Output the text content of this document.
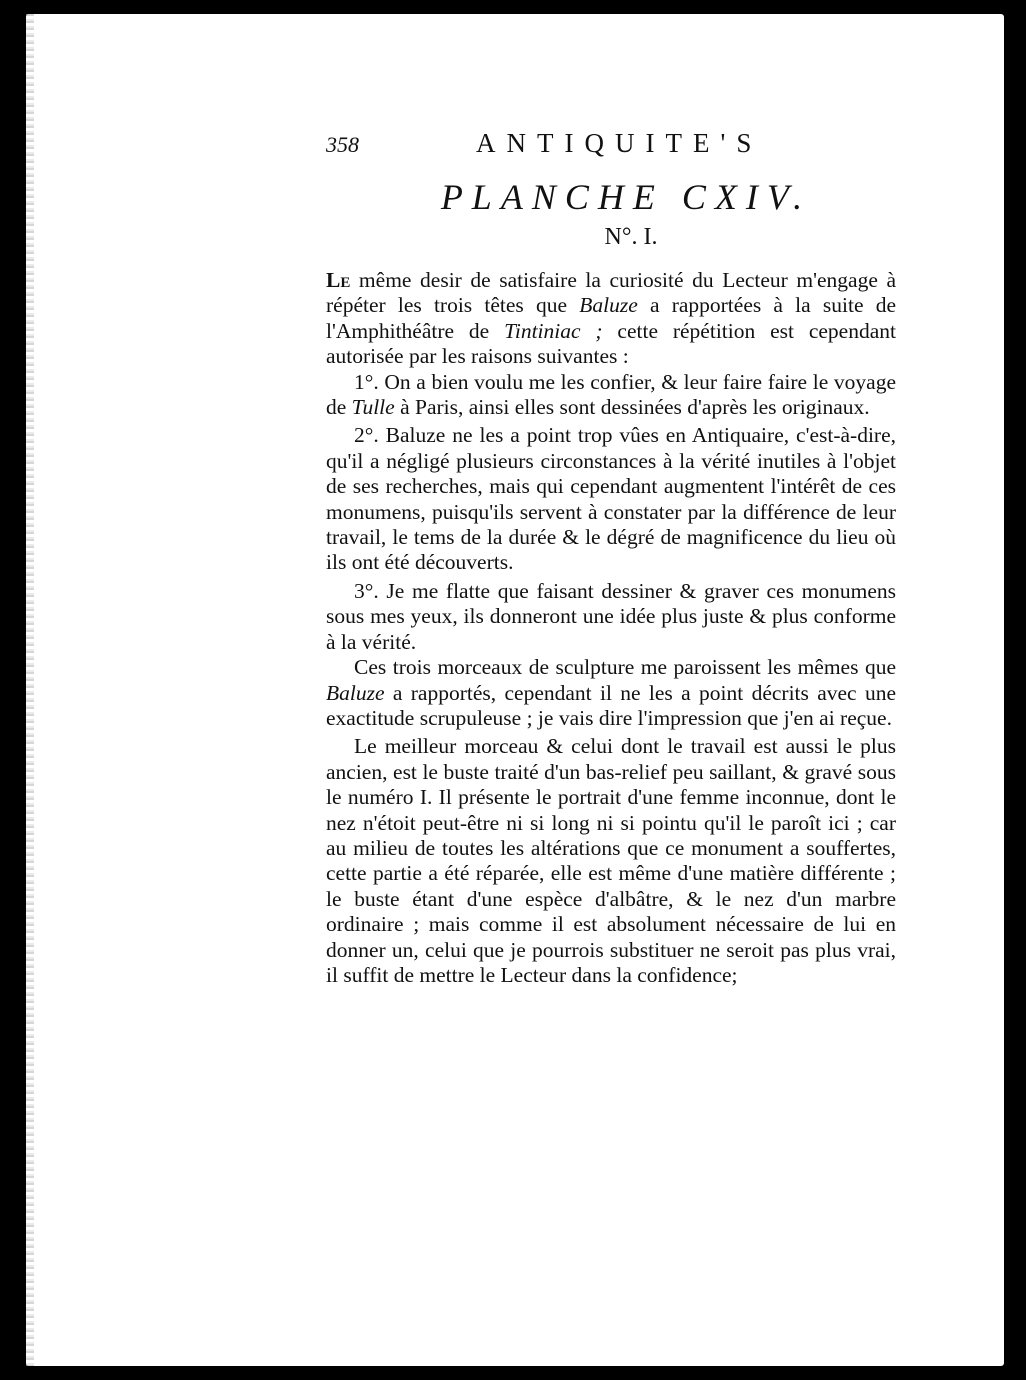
358	ANTIQUITE'S
PLANCHE CXIV.
N°. I.

Le même desir de satisfaire la curiosité du Lecteur m'engage à répéter les trois têtes que Baluze a rapportées à la suite de l'Amphithéâtre de Tintiniac ; cette répétition est cependant autorisée par les raisons suivantes :

1°. On a bien voulu me les confier, & leur faire faire le voyage de Tulle à Paris, ainsi elles sont dessinées d'après les originaux.

2°. Baluze ne les a point trop vûes en Antiquaire, c'est-à-dire, qu'il a négligé plusieurs circonstances à la vérité inutiles à l'objet de ses recherches, mais qui cependant augmentent l'intérêt de ces monumens, puisqu'ils servent à constater par la différence de leur travail, le tems de la durée & le dégré de magnificence du lieu où ils ont été découverts.

3°. Je me flatte que faisant dessiner & graver ces monumens sous mes yeux, ils donneront une idée plus juste & plus conforme à la vérité.

Ces trois morceaux de sculpture me paroissent les mêmes que Baluze a rapportés, cependant il ne les a point décrits avec une exactitude scrupuleuse ; je vais dire l'impression que j'en ai reçue.

Le meilleur morceau & celui dont le travail est aussi le plus ancien, est le buste traité d'un bas-relief peu saillant, & gravé sous le numéro I. Il présente le portrait d'une femme inconnue, dont le nez n'étoit peut-être ni si long ni si pointu qu'il le paroît ici ; car au milieu de toutes les altérations que ce monument a souffertes, cette partie a été réparée, elle est même d'une matière différente ; le buste étant d'une espèce d'albâtre, & le nez d'un marbre ordinaire ; mais comme il est absolument nécessaire de lui en donner un, celui que je pourrois substituer ne seroit pas plus vrai, il suffit de mettre le Lecteur dans la confidence;
